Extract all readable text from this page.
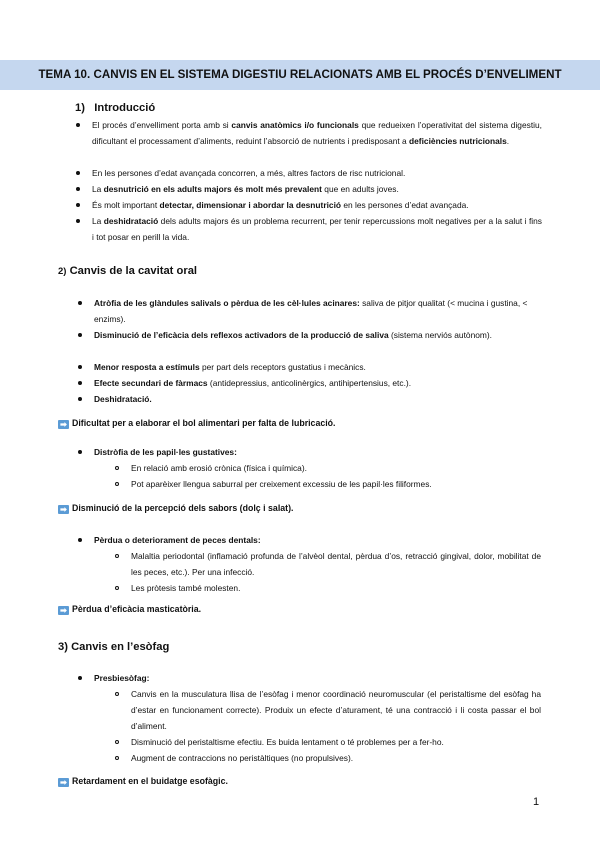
TEMA 10. CANVIS EN EL SISTEMA DIGESTIU RELACIONATS AMB EL PROCÉS D’ENVELIMENT
1) Introducció
El procés d’envelliment porta amb si canvis anatòmics i/o funcionals que redueixen l’operativitat del sistema digestiu, dificultant el processament d’aliments, reduint l’absorció de nutrients i predisposant a deficiències nutricionals.
En les persones d’edat avançada concorren, a més, altres factors de risc nutricional.
La desnutrició en els adults majors és molt més prevalent que en adults joves.
És molt important detectar, dimensionar i abordar la desnutrició en les persones d’edat avançada.
La deshidratació dels adults majors és un problema recurrent, per tenir repercussions molt negatives per a la salut i fins i tot posar en perill la vida.
2) Canvis de la cavitat oral
Atròfia de les glàndules salivals o pèrdua de les cèl·lules acinares: saliva de pitjor qualitat (< mucina i gustina, < enzims).
Disminució de l’eficàcia dels reflexos activadors de la producció de saliva (sistema nerviós autònom).
Menor resposta a estímuls per part dels receptors gustatius i mecànics.
Efecte secundari de fàrmacs (antidepressius, anticolinèrgics, antihipertensius, etc.).
Deshidratació.
➡ Dificultat per a elaborar el bol alimentari per falta de lubricació.
Distròfia de les papil·les gustatives:
En relació amb erosió crònica (física i química).
Pot aparèixer llengua saburral per creixement excessiu de les papil·les filiformes.
➡ Disminució de la percepció dels sabors (dolç i salat).
Pèrdua o deteriorament de peces dentals:
Malaltia periodontal (inflamació profunda de l’alvèol dental, pèrdua d’os, retracció gingival, dolor, mobilitat de les peces, etc.). Per una infecció.
Les pròtesis també molesten.
➡ Pèrdua d’eficàcia masticatòria.
3) Canvis en l’esòfag
Presbiesòfag:
Canvis en la musculatura llisa de l’esòfag i menor coordinació neuromuscular (el peristaltisme del esòfag ha d’estar en funcionament correcte). Produix un efecte d’aturament, té una contracció i li costa passar el bol d’aliment.
Disminució del peristaltisme efectiu. Es buida lentament o té problemes per a fer-ho.
Augment de contraccions no peristàltiques (no propulsives).
➡ Retardament en el buidatge esofàgic.
1
